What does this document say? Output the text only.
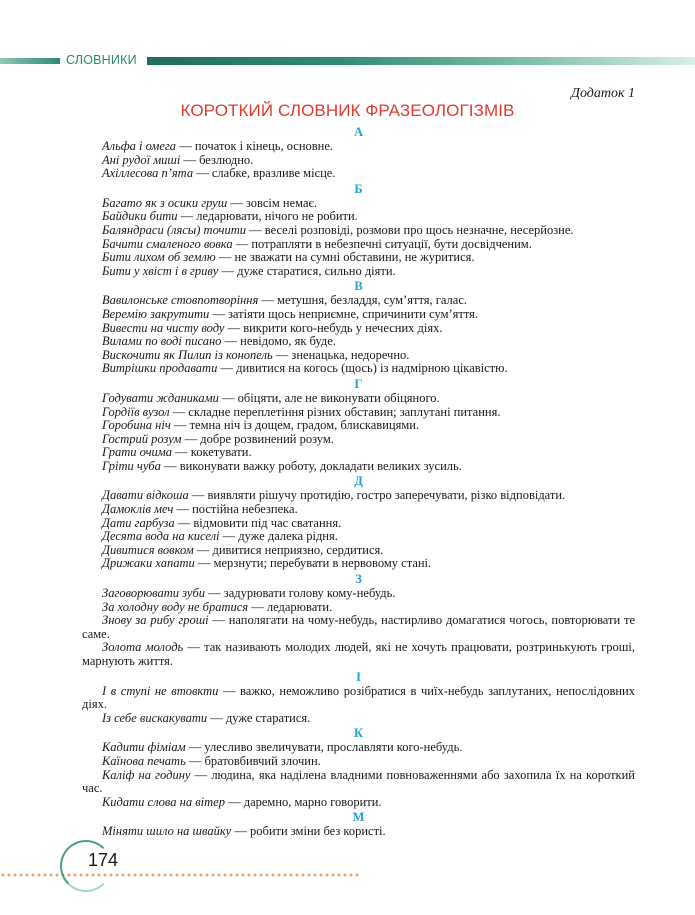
СЛОВНИКИ
Додаток 1
КОРОТКИЙ СЛОВНИК ФРАЗЕОЛОГІЗМІВ
А
Альфа і омега — початок і кінець, основне.
Ані рудої миші — безлюдно.
Ахіллесова п’ята — слабке, вразливе місце.
Б
Багато як з осики груш — зовсім немає.
Байдики бити — ледарювати, нічого не робити.
Баляндраси (лясы) точити — веселі розповіді, розмови про щось незначне, несерйозне.
Бачити смаленого вовка — потрапляти в небезпечні ситуації, бути досвідченим.
Бити лихом об землю — не зважати на сумні обставини, не журитися.
Бити у хвіст і в гриву — дуже старатися, сильно діяти.
В
Вавилонське стовпотворіння — метушня, безладдя, сум’яття, галас.
Веремію закрутити — затіяти щось неприємне, спричинити сум’яття.
Вивести на чисту воду — викрити кого-небудь у нечесних діях.
Вилами по воді писано — невідомо, як буде.
Вискочити як Пилип із конопель — зненацька, недоречно.
Витрішки продавати — дивитися на когось (щось) із надмірною цікавістю.
Г
Годувати жданиками — обіцяти, але не виконувати обіцяного.
Гордіїв вузол — складне переплетіння різних обставин; заплутані питання.
Горобина ніч — темна ніч із дощем, градом, блискавицями.
Гострий розум — добре розвинений розум.
Грати очима — кокетувати.
Гріти чуба — виконувати важку роботу, докладати великих зусиль.
Д
Давати відкоша — виявляти рішучу протидію, гостро заперечувати, різко відповідати.
Дамоклів меч — постійна небезпека.
Дати гарбуза — відмовити під час сватання.
Десята вода на киселі — дуже далека рідня.
Дивитися вовком — дивитися неприязно, сердитися.
Дрижаки хапати — мерзнути; перебувати в нервовому стані.
З
Заговорювати зуби — задурювати голову кому-небудь.
За холодну воду не братися — ледарювати.
Знову за рибу гроші — наполягати на чому-небудь, настирливо домагатися чогось, повторювати те саме.
Золота молодь — так називають молодих людей, які не хочуть працювати, розтринькують гроші, марнують життя.
І
І в ступі не втовкти — важко, неможливо розібратися в чиїх-небудь заплутаних, непослідовних діях.
Із себе вискакувати — дуже старатися.
К
Кадити фіміам — улесливо звеличувати, прославляти кого-небудь.
Каїнова печать — братовбивчий злочин.
Каліф на годину — людина, яка наділена владними повноваженнями або захопила їх на короткий час.
Кидати слова на вітер — даремно, марно говорити.
М
Міняти шило на швайку — робити зміни без користі.
174
